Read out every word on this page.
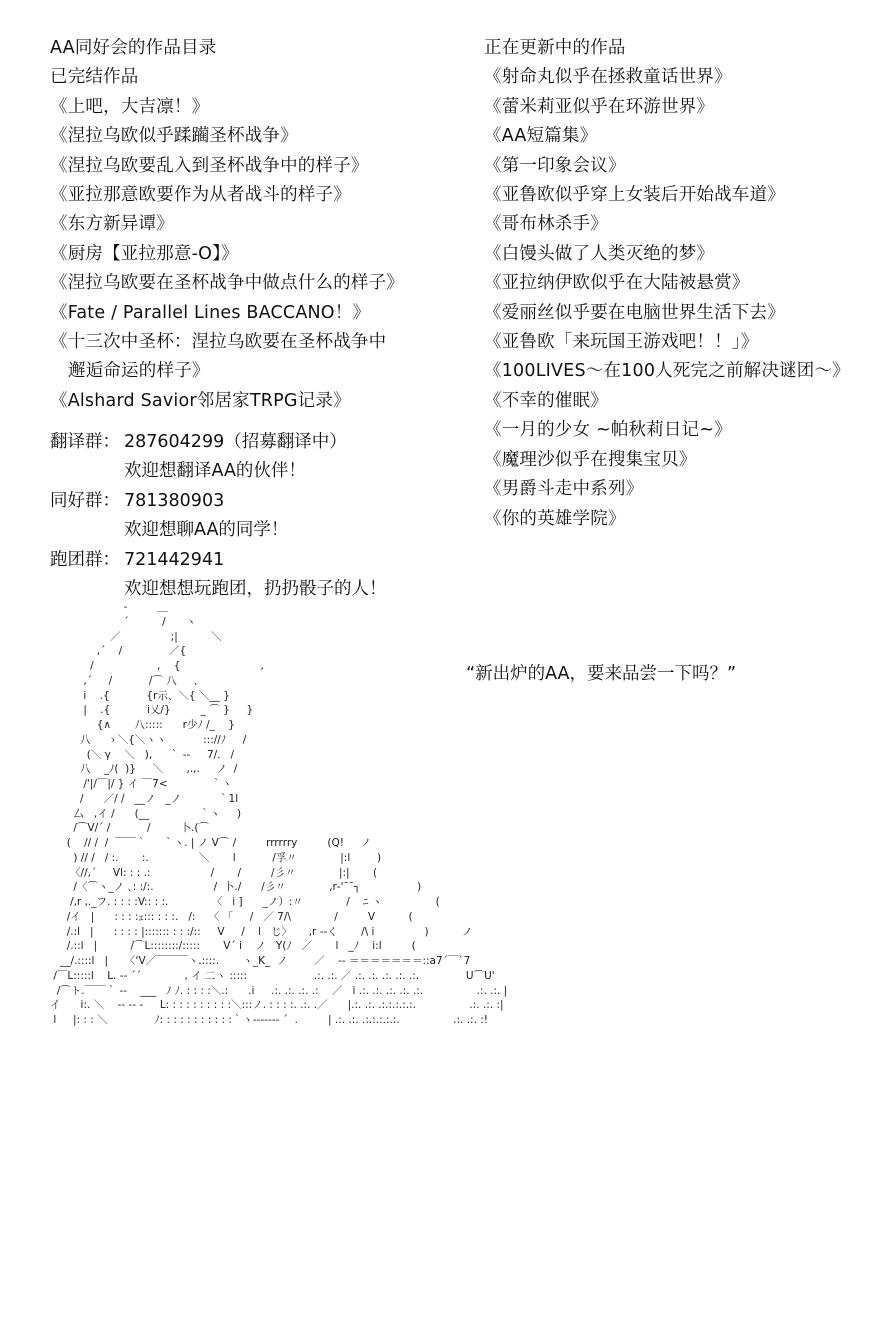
AA同好会的作品目录
已完结作品
《上吧，大吉凛！》
《涅拉乌欧似乎蹂躏圣杯战争》
《涅拉乌欧要乱入到圣杯战争中的样子》
《亚拉那意欧要作为从者战斗的样子》
《东方新异谭》
《厨房【亚拉那意-O】》
《涅拉乌欧要在圣杯战争中做点什么的样子》
《Fate / Parallel Lines BACCANO！》
《十三次中圣杯：涅拉乌欧要在圣杯战争中
邂逅命运的样子》
《Alshard Savior邻居家TRPG记录》
正在更新中的作品
《射命丸似乎在拯救童话世界》
《蕾米莉亚似乎在环游世界》
《AA短篇集》
《第一印象会议》
《亚鲁欧似乎穿上女装后开始战车道》
《哥布林杀手》
《白馒头做了人类灭绝的梦》
《亚拉纳伊欧似乎在大陆被悬赏》
《爱丽丝似乎要在电脑世界生活下去》
《亚鲁欧「来玩国王游戏吧！！」》
《100LIVES～在100人死完之前解决谜团～》
《不幸的催眠》
《一月的少女 ~帕秋莉日记~》
《魔理沙似乎在搜集宝贝》
《男爵斗走中系列》
《你的英雄学院》
翻译群： 287604299（招募翻译中）
欢迎想翻译AA的伙伴！
同好群： 781380903
欢迎想聊AA的同学！
跑团群： 721442941
欢迎想想玩跑团，扔扔骰子的人！
“新出炉的AA，要来品尝一下吗？”
‐         ＿
´          /      ヽ
／               ;|          ＼
,´    /              ／{
/                   ,    {                        ,
,´     /           /⌒ 八     、
i    .{           {r示、＼{ ＼__ }
|    .{           i乂/}         _ ⌒ }     }
{∧       八:::::      r少ﾉ /_    }
八     ゝ＼{＼ヽヽ           ::://ﾉ     /
(＼ γ    ＼   ),     ｀ ‐‐     7/.   /
八    _ﾉ(  )}     ＼       ,.,.     ノ  /
∕'|/￣|/ } イ ￣7<             ｀ヽ
/      ／/ /   __ノ   _ノ           ｀1l
厶   ,イ /      (__               ｀ヽ     )
/⌒V/´ /           /         卜.(⌒
(    // /  /  ￣￣｀     ｀ヽ. | ノ V⌒ /         rrrrrry         (Q!     ノ
) // /   / :.       :.               ＼       l           /孚〃             |:l        )
〈//,´     Vl: : : .:                  /       /         /彡〃             |:|       (
/〈⌒ヽ_ノ ､: :/:.                  /  卜./      /彡〃             ,r‐'¯¯┐                 )
/,r ,._フ. : : : :V:: : :.             〈   i ]      _ノ）:〃             /    ﾆ ヽ                (
/イ   |      : : : :ｪ::: : : :.   /:    〈 「     /   ／ 7/\             /         V          (
/.:l   |      : : : : |::::::: : : :/::     V     /    l   じ〉     ,r ‐‐く       /\ i               )          ノ
/.::l   |          /⌒L::::::::/:::::       V´ i    ノ   Y(ﾉ   ／       l   _ﾉ    i:l         (
__/.::::l   |     〈‘V／￣￣￣ヽ.::::.       ヽ_K_  ノ        ／    ‐‐ ＝＝＝＝＝＝＝::a7´￣`7
/￣L:::::l    L. ‐‐ ´´             , イ 二ヽ :::::                    .:. .:. ／ .:. .:. .:. .:. .:.              U⌒U'
/⌒ト.￣￣｀ ‐‐    ___   ﾉ ﾉ. : : : :＼.:      .i     .:. .:. .:. .:    ／   i .:. .:. .:. .:. .:.                .:. .:. |
イ      i:. ＼    ‐‐ ‐‐ ‐     L: : : : : : : : : :＼:::ノ. : : : :. .:. .／      |.:. .:. .:.:.:.:.:.                .:. .:. :|
l     |: : : ＼              ﾉ: : : : : : : : : : :｀ヽ‐‐‐‐‐‐‐ ´  .         | .:. .:. .:.:.:.:.:.                .:. .:. :!
